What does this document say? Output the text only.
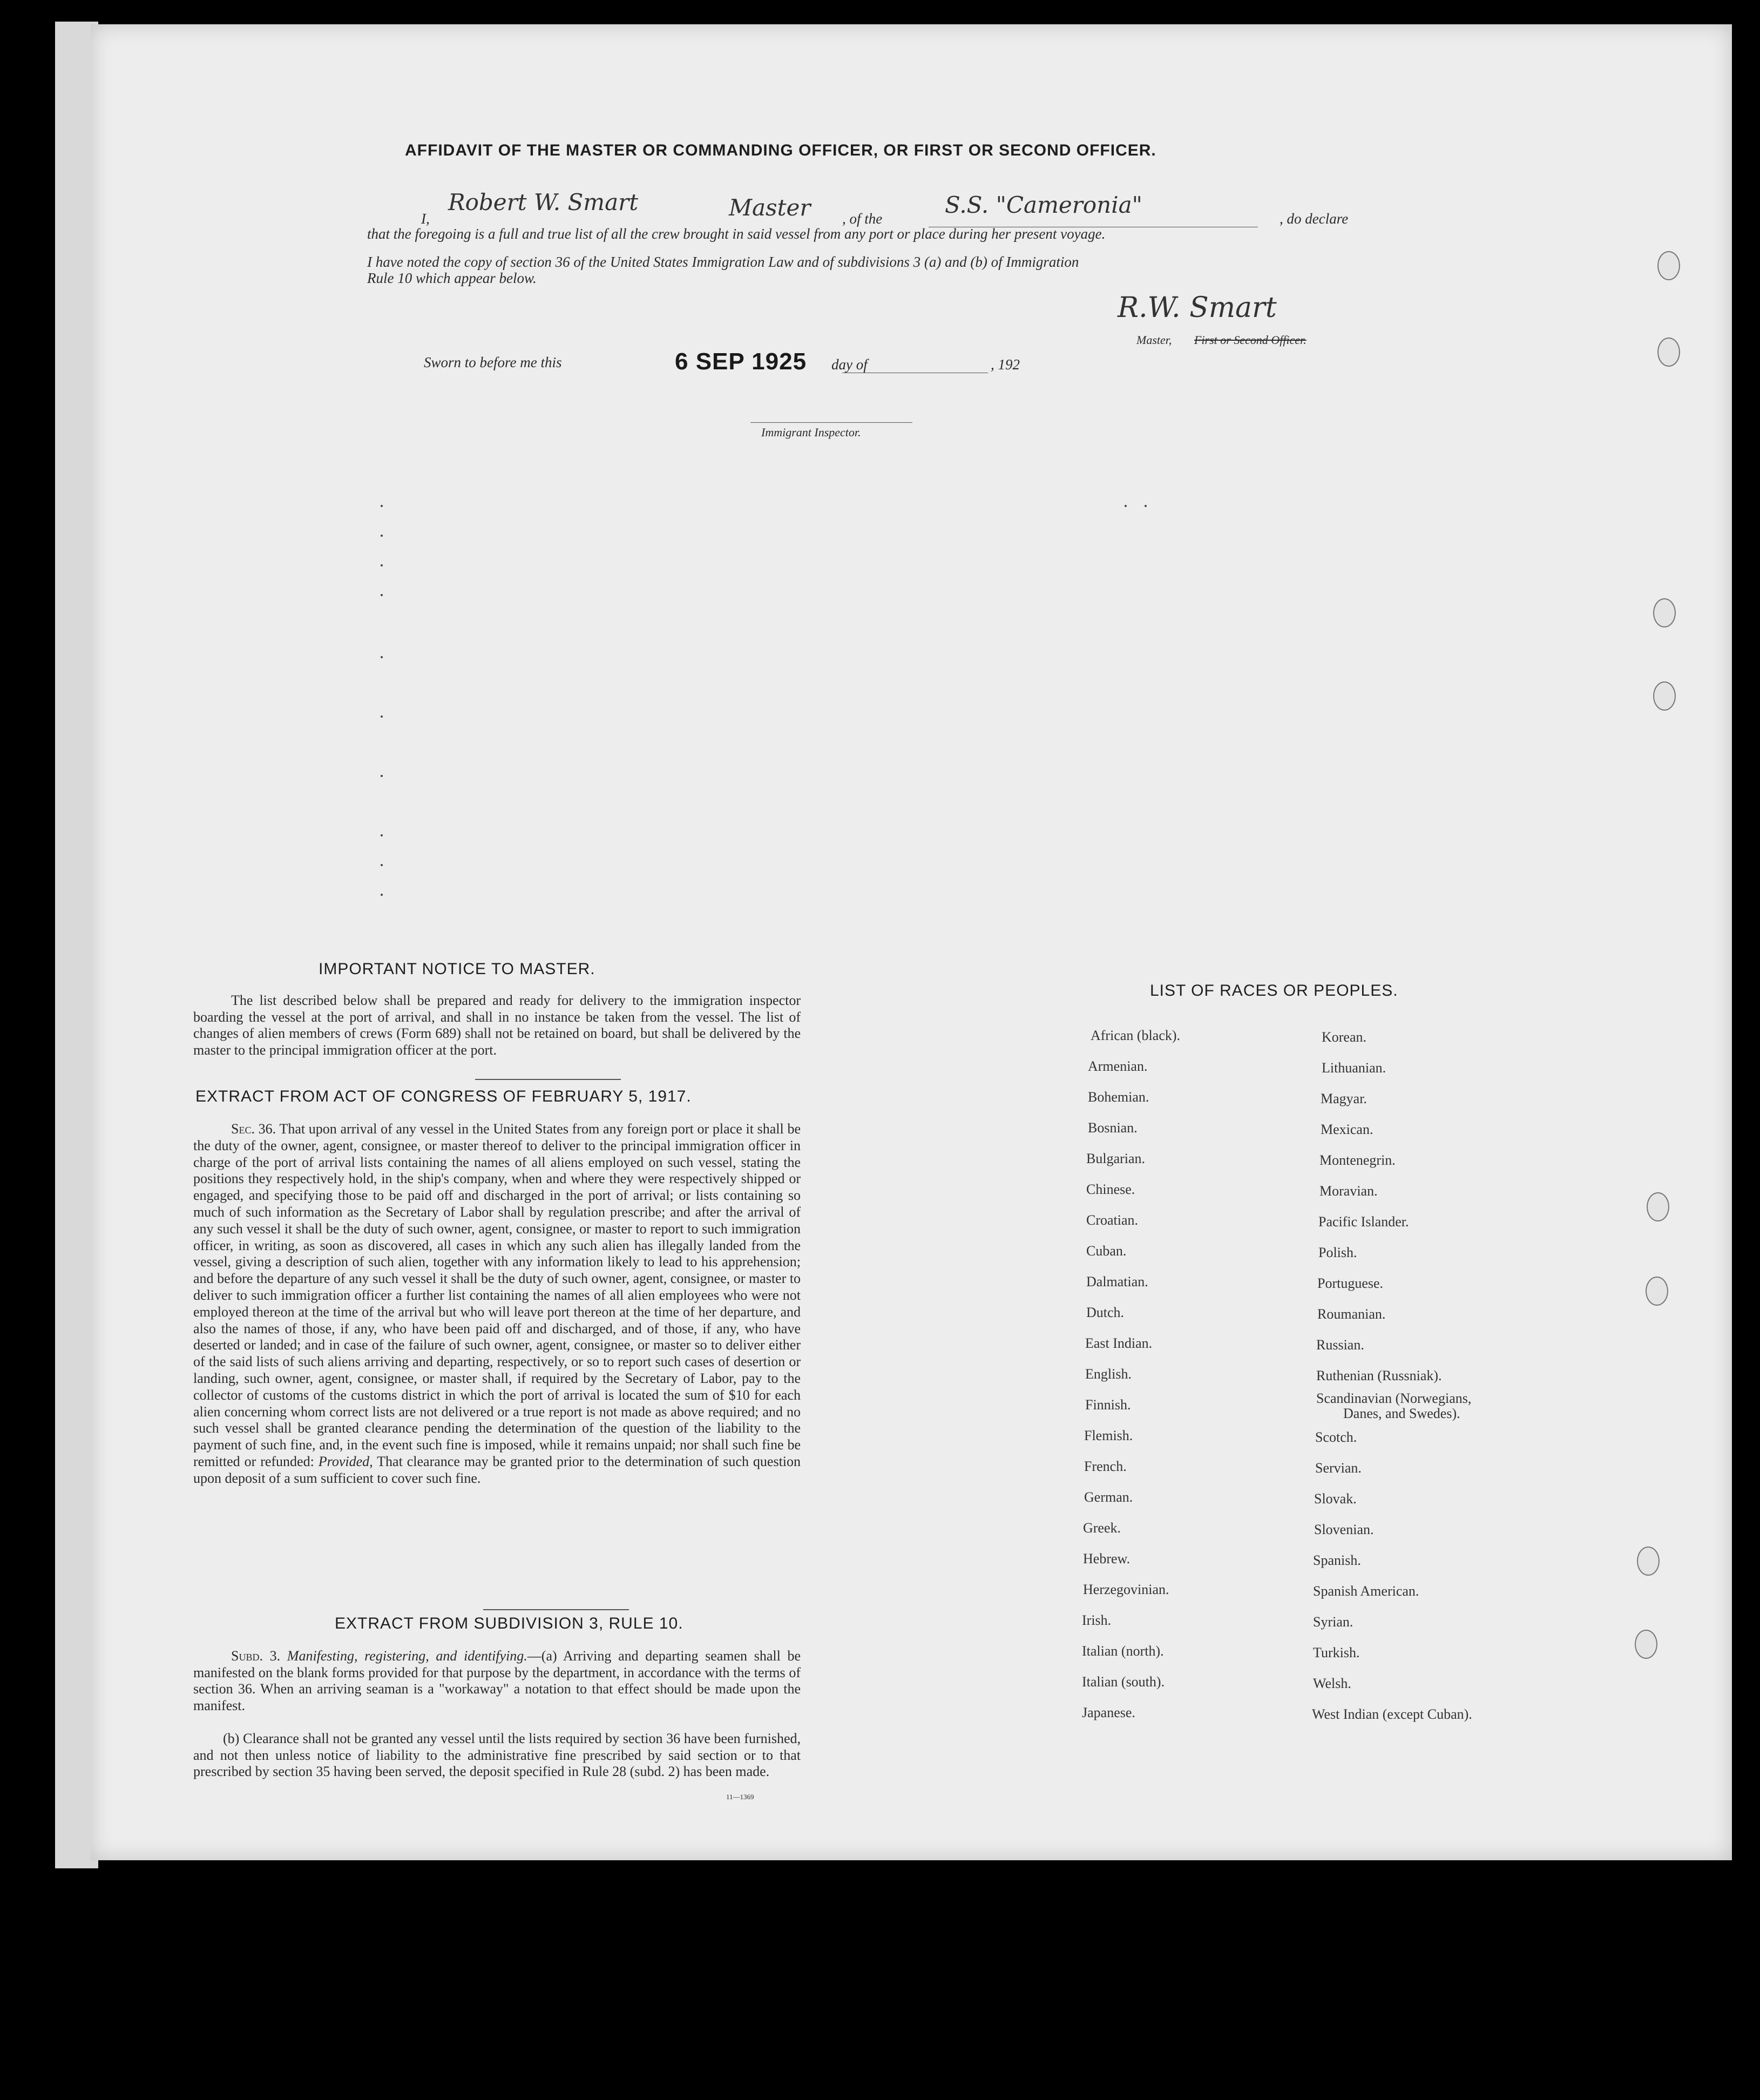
AFFIDAVIT OF THE MASTER OR COMMANDING OFFICER, OR FIRST OR SECOND OFFICER.
I,
Robert W. Smart	Master , of the
S.S. "Cameronia"
, do declare
that the foregoing is a full and true list of all the crew brought in said vessel from any port or place during her present voyage.
I have noted the copy of section 36 of the United States Immigration Law and of subdivisions 3 (a) and (b) of Immigration
Rule 10 which appear below.
R.W. Smart
Master, First or Second Officer.
Sworn to before me this	6 SEP 1925 day of	, 192
Immigrant Inspector.
IMPORTANT NOTICE TO MASTER.
The list described below shall be prepared and ready for delivery to the immigration inspector boarding the vessel at the port of arrival, and shall in no instance be taken from the vessel. The list of changes of alien members of crews (Form 689) shall not be retained on board, but shall be delivered by the master to the principal immigration officer at the port.
EXTRACT FROM ACT OF CONGRESS OF FEBRUARY 5, 1917.
Sec. 36. That upon arrival of any vessel in the United States from any foreign port or place it shall be the duty of the owner, agent, consignee, or master thereof to deliver to the principal immigration officer in charge of the port of arrival lists containing the names of all aliens employed on such vessel, stating the positions they respectively hold, in the ship's company, when and where they were respectively shipped or engaged, and specifying those to be paid off and discharged in the port of arrival; or lists containing so much of such information as the Secretary of Labor shall by regulation prescribe; and after the arrival of any such vessel it shall be the duty of such owner, agent, consignee, or master to report to such immigration officer, in writing, as soon as discovered, all cases in which any such alien has illegally landed from the vessel, giving a description of such alien, together with any information likely to lead to his apprehension; and before the departure of any such vessel it shall be the duty of such owner, agent, consignee, or master to deliver to such immigration officer a further list containing the names of all alien employees who were not employed thereon at the time of the arrival but who will leave port thereon at the time of her departure, and also the names of those, if any, who have been paid off and discharged, and of those, if any, who have deserted or landed; and in case of the failure of such owner, agent, consignee, or master so to deliver either of the said lists of such aliens arriving and departing, respectively, or so to report such cases of desertion or landing, such owner, agent, consignee, or master shall, if required by the Secretary of Labor, pay to the collector of customs of the customs district in which the port of arrival is located the sum of $10 for each alien concerning whom correct lists are not delivered or a true report is not made as above required; and no such vessel shall be granted clearance pending the determination of the question of the liability to the payment of such fine, and, in the event such fine is imposed, while it remains unpaid; nor shall such fine be remitted or refunded: Provided, That clearance may be granted prior to the determination of such question upon deposit of a sum sufficient to cover such fine.
EXTRACT FROM SUBDIVISION 3, RULE 10.
Subd. 3. Manifesting, registering, and identifying.—(a) Arriving and departing seamen shall be manifested on the blank forms provided for that purpose by the department, in accordance with the terms of section 36. When an arriving seaman is a "workaway" a notation to that effect should be made upon the manifest.
(b) Clearance shall not be granted any vessel until the lists required by section 36 have been furnished, and not then unless notice of liability to the administrative fine prescribed by said section or to that prescribed by section 35 having been served, the deposit specified in Rule 28 (subd. 2) has been made.
11—1369
LIST OF RACES OR PEOPLES.
African (black).
Armenian.
Bohemian.
Bosnian.
Bulgarian.
Chinese.
Croatian.
Cuban.
Dalmatian.
Dutch.
East Indian.
English.
Finnish.
Flemish.
French.
German.
Greek.
Hebrew.
Herzegovinian.
Irish.
Italian (north).
Italian (south).
Japanese.
Korean.
Lithuanian.
Magyar.
Mexican.
Montenegrin.
Moravian.
Pacific Islander.
Polish.
Portuguese.
Roumanian.
Russian.
Ruthenian (Russniak).
Scandinavian (Norwegians,
Danes, and Swedes).
Scotch.
Servian.
Slovak.
Slovenian.
Spanish.
Spanish American.
Syrian.
Turkish.
Welsh.
West Indian (except Cuban).
